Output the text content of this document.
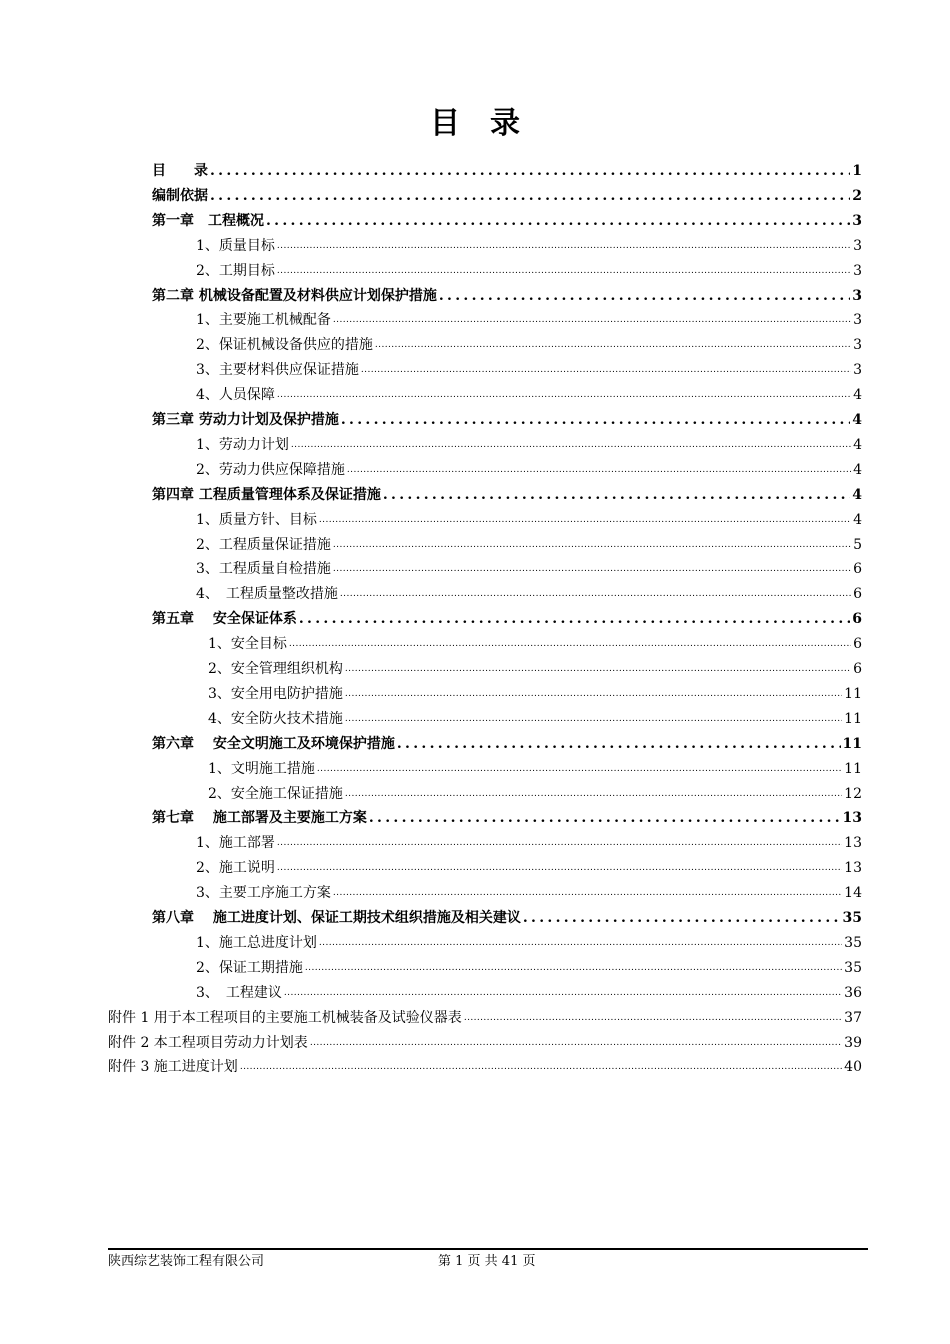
目　录
目　　录 .....	1
编制依据 .....	2
第一章　工程概况 .....	3
1、质量目标 .....	3
2、工期目标 .....	3
第二章 机械设备配置及材料供应计划保护措施 .....	3
1、主要施工机械配备 .....	3
2、保证机械设备供应的措施 .....	3
3、主要材料供应保证措施 .....	3
4、人员保障 .....	4
第三章 劳动力计划及保护措施 .....	4
1、劳动力计划 .....	4
2、劳动力供应保障措施 .....	4
第四章 工程质量管理体系及保证措施 .....	4
1、质量方针、目标 .....	4
2、工程质量保证措施 .....	5
3、工程质量自检措施 .....	6
4、　工程质量整改措施 .....	6
第五章　 安全保证体系 .....	6
1、安全目标 .....	6
2、安全管理组织机构 .....	6
3、安全用电防护措施 .....	11
4、安全防火技术措施 .....	11
第六章　 安全文明施工及环境保护措施 .....	11
1、文明施工措施 .....	11
2、安全施工保证措施 .....	12
第七章　 施工部署及主要施工方案 .....	13
1、施工部署 .....	13
2、施工说明 .....	13
3、主要工序施工方案 .....	14
第八章　 施工进度计划、保证工期技术组织措施及相关建议 .....	35
1、施工总进度计划 .....	35
2、保证工期措施 .....	35
3、　工程建议 .....	36
附件 1 用于本工程项目的主要施工机械装备及试验仪器表 .....	37
附件 2 本工程项目劳动力计划表 .....	39
附件 3 施工进度计划 .....	40
陕西综艺装饰工程有限公司	第 1 页 共 41 页
